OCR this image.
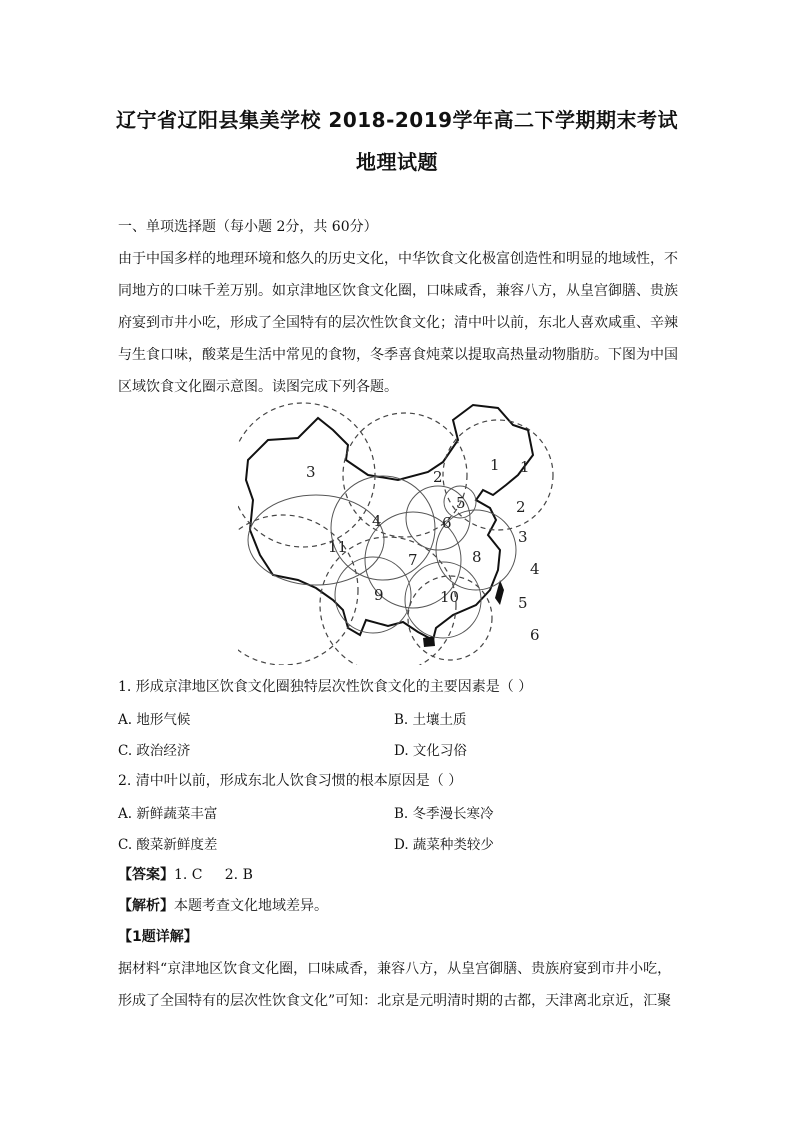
辽宁省辽阳县集美学校 2018-2019学年高二下学期期末考试
地理试题
一、单项选择题（每小题 2分，共 60分）
由于中国多样的地理环境和悠久的历史文化，中华饮食文化极富创造性和明显的地域性，不
同地方的口味千差万别。如京津地区饮食文化圈，口味咸香，兼容八方，从皇宫御膳、贵族
府宴到市井小吃，形成了全国特有的层次性饮食文化；清中叶以前，东北人喜欢咸重、辛辣
与生食口味，酸菜是生活中常见的食物，冬季喜食炖菜以提取高热量动物脂肪。下图为中国
区域饮食文化圈示意图。读图完成下列各题。
1 1
2
2
3
3
4
4
5
5
6
6
7	8
9	10
11
1. 形成京津地区饮食文化圈独特层次性饮食文化的主要因素是（ ）
A. 地形气候	B. 土壤土质
C. 政治经济	D. 文化习俗
2. 清中叶以前，形成东北人饮食习惯的根本原因是（ ）
A. 新鲜蔬菜丰富	B. 冬季漫长寒冷
C. 酸菜新鲜度差	D. 蔬菜种类较少
【答案】1. C     2. B
【解析】本题考查文化地域差异。
【1题详解】
据材料“京津地区饮食文化圈，口味咸香，兼容八方，从皇宫御膳、贵族府宴到市井小吃，
形成了全国特有的层次性饮食文化”可知：北京是元明清时期的古都，天津离北京近，汇聚
